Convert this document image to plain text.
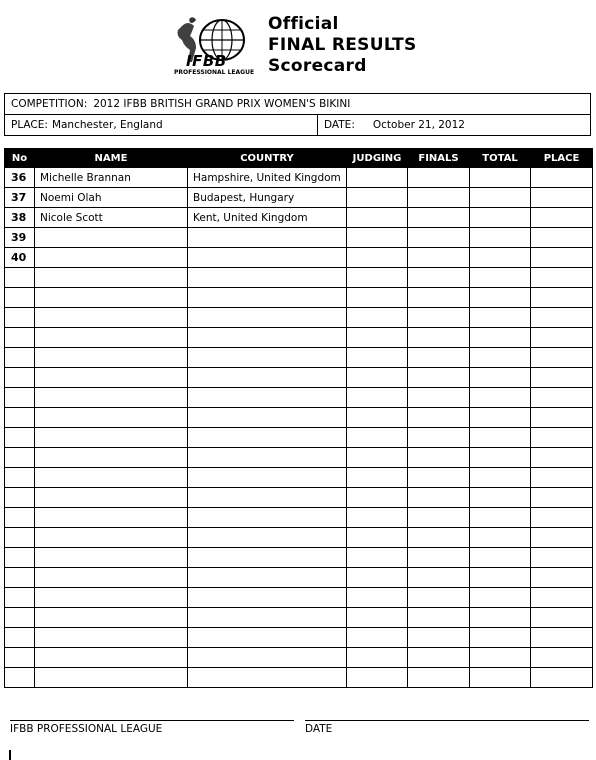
IFBB
PROFESSIONAL LEAGUE
Official
FINAL RESULTS
Scorecard
COMPETITION: 2012 IFBB BRITISH GRAND PRIX WOMEN'S BIKINI
PLACE: Manchester, England	DATE: October 21, 2012
No	NAME	COUNTRY	JUDGING	FINALS	TOTAL	PLACE
36	Michelle Brannan	Hampshire, United Kingdom				
37	Noemi Olah	Budapest, Hungary				
38	Nicole Scott	Kent, United Kingdom				
39						
40						

IFBB PROFESSIONAL LEAGUE	DATE
